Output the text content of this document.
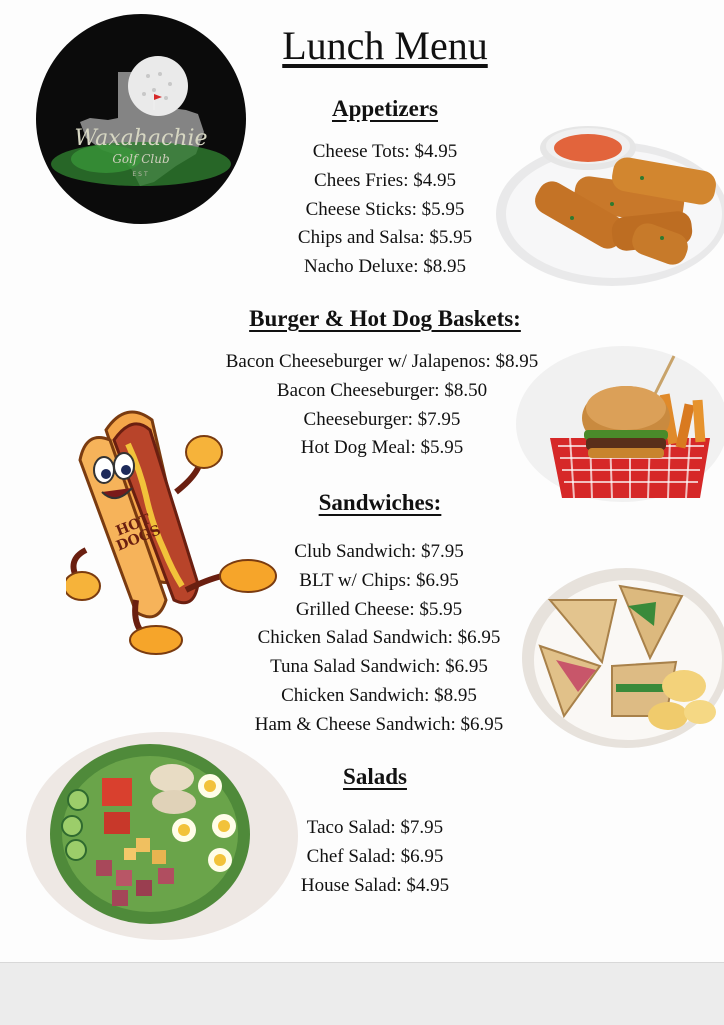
Waxahachie
Golf Club
EST
Lunch Menu
Appetizers
Cheese Tots: $4.95
Chees Fries: $4.95
Cheese Sticks: $5.95
Chips and Salsa: $5.95
Nacho Deluxe: $8.95
Burger & Hot Dog Baskets:
Bacon Cheeseburger w/ Jalapenos: $8.95
Bacon Cheeseburger: $8.50
Cheeseburger: $7.95
Hot Dog Meal: $5.95
HOT DOGS
Sandwiches:
Club Sandwich: $7.95
BLT w/ Chips: $6.95
Grilled Cheese: $5.95
Chicken Salad Sandwich: $6.95
Tuna Salad Sandwich: $6.95
Chicken Sandwich: $8.95
Ham & Cheese Sandwich: $6.95
Salads
Taco Salad: $7.95
Chef Salad: $6.95
House Salad: $4.95
